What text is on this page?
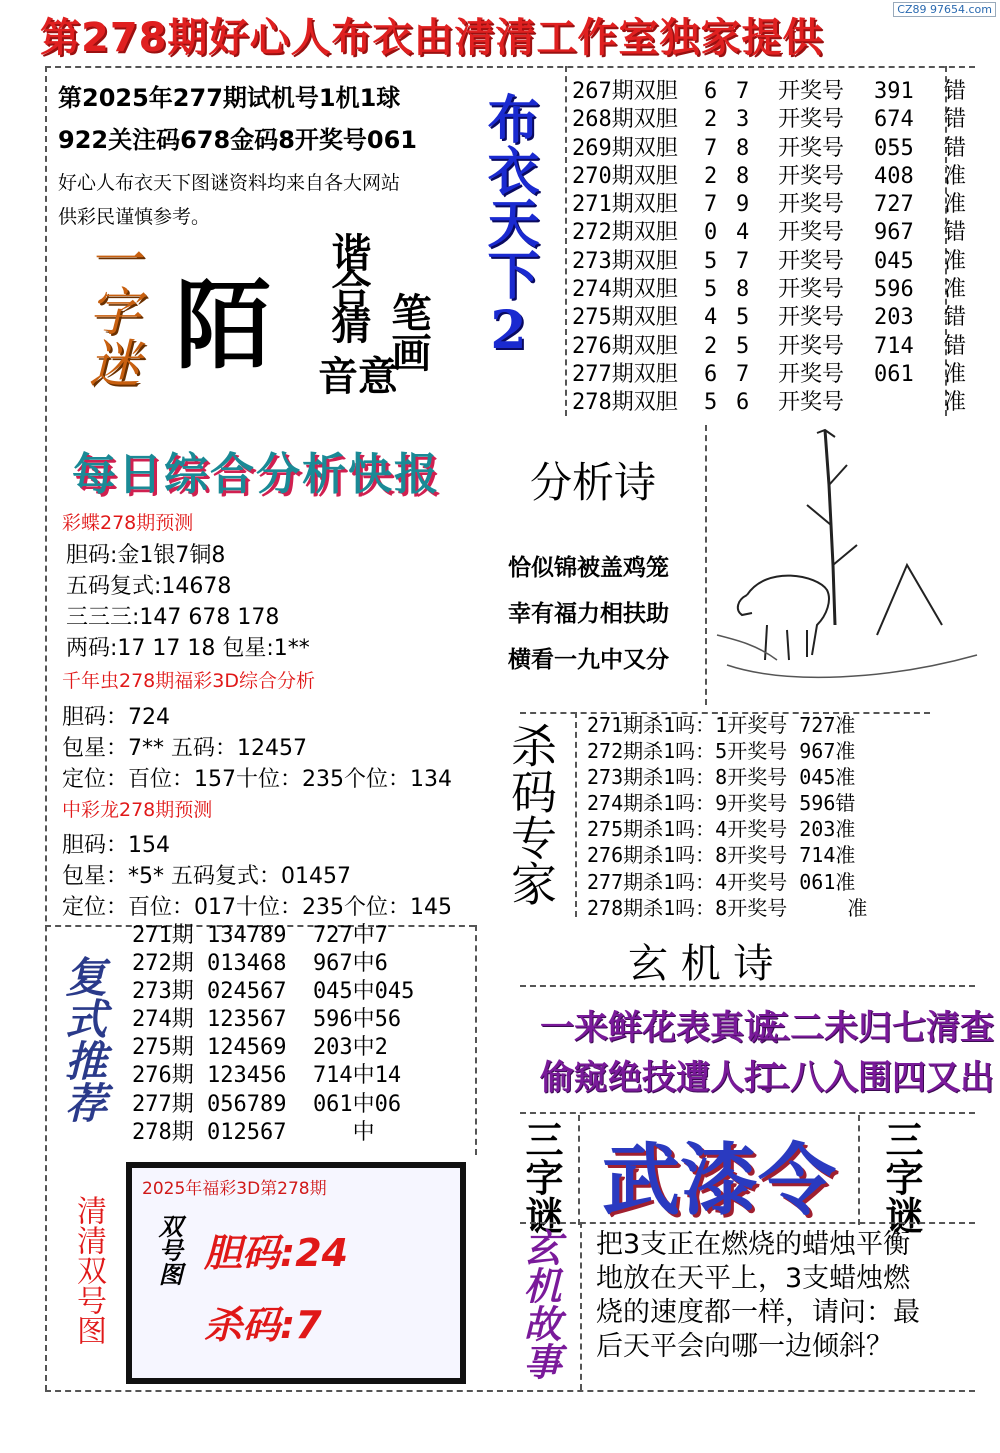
CZ89 97654.com
第278期好心人布衣由清清工作室独家提供
第2025年277期试机号1机1球
922关注码678金码8开奖号061
好心人布衣天下图谜资料均来自各大网站
供彩民谨慎参考。
一字迷 陌 谐合猜 笔画
音意
布衣天下2
267期双胆 6 7 开奖号 391 错
268期双胆 2 3 开奖号 674 错
269期双胆 7 8 开奖号 055 错
270期双胆 2 8 开奖号 408 准
271期双胆 7 9 开奖号 727 准
272期双胆 0 4 开奖号 967 错
273期双胆 5 7 开奖号 045 准
274期双胆 5 8 开奖号 596 准
275期双胆 4 5 开奖号 203 错
276期双胆 2 5 开奖号 714 错
277期双胆 6 7 开奖号 061 准
278期双胆 5 6 开奖号	准
每日综合分析快报
彩蝶278期预测
胆码:金1银7铜8
五码复式:14678
三三三:147 678 178
两码:17 17 18 包星:1**
千年虫278期福彩3D综合分析
胆码：724
包星：7** 五码：12457
定位：百位：157十位：235个位：134
中彩龙278期预测
胆码：154
包星：*5* 五码复式：01457
定位：百位：017十位：235个位：145
分析诗
恰似锦被盖鸡笼
幸有福力相扶助
横看一九中又分
杀码专家 271期杀1吗：1开奖号 727准
272期杀1吗：5开奖号 967准
273期杀1吗：8开奖号 045准
274期杀1吗：9开奖号 596错
275期杀1吗：4开奖号 203准
276期杀1吗：8开奖号 714准
277期杀1吗：4开奖号 061准
278期杀1吗：8开奖号     准
复式推荐
271期 134789  727中7
272期 013468  967中6
273期 024567  045中045
274期 123567  596中56
275期 124569  203中2
276期 123456  714中14
277期 056789  061中06
278期 012567     中
玄 机 诗
一来鲜花表真诚
三二未归七清查
偷窥绝技遭人打
二八入围四又出
三字谜 武漆令 三字谜
清清双号图
2025年福彩3D第278期
双号图 胆码:24
杀码:7	玄机故事 把3支正在燃烧的蜡烛平衡地放在天平上，3支蜡烛燃烧的速度都一样，请问：最后天平会向哪一边倾斜？
